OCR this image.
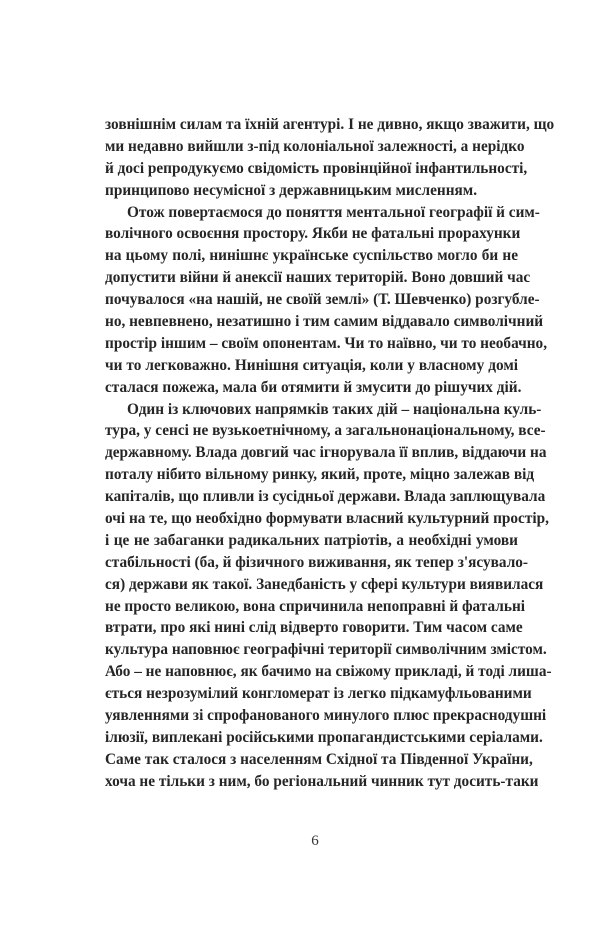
зовнішнім силам та їхній агентурі. І не дивно, якщо зважити, що
ми недавно вийшли з-під колоніальної залежності, а нерідко
й досі репродукуємо свідомість провінційної інфантильності,
принципово несумісної з державницьким мисленням.
Отож повертаємося до поняття ментальної географії й сим-
волічного освоєння простору. Якби не фатальні прорахунки
на цьому полі, нинішнє українське суспільство могло би не
допустити війни й анексії наших територій. Воно довший час
почувалося «на нашій, не своїй землі» (Т. Шевченко) розгубле-
но, невпевнено, незатишно і тим самим віддавало символічний
простір іншим – своїм опонентам. Чи то наївно, чи то необачно,
чи то легковажно. Нинішня ситуація, коли у власному домі
сталася пожежа, мала би отямити й змусити до рішучих дій.
Один із ключових напрямків таких дій – національна куль-
тура, у сенсі не вузькоетнічному, а загальнонаціональному, все-
державному. Влада довгий час ігнорувала її вплив, віддаючи на
поталу нібито вільному ринку, який, проте, міцно залежав від
капіталів, що пливли із сусідньої держави. Влада заплющувала
очі на те, що необхідно формувати власний культурний простір,
і це не забаганки радикальних патріотів, а необхідні умови
стабільності (ба, й фізичного виживання, як тепер з'ясувало-
ся) держави як такої. Занедбаність у сфері культури виявилася
не просто великою, вона спричинила непоправні й фатальні
втрати, про які нині слід відверто говорити. Тим часом саме
культура наповнює географічні території символічним змістом.
Або – не наповнює, як бачимо на свіжому прикладі, й тоді лиша-
ється незрозумілий конгломерат із легко підкамуфльованими
уявленнями зі спрофанованого минулого плюс прекраснодушні
ілюзії, виплекані російськими пропагандистськими серіалами.
Саме так сталося з населенням Східної та Південної України,
хоча не тільки з ним, бо регіональний чинник тут досить-таки
6
